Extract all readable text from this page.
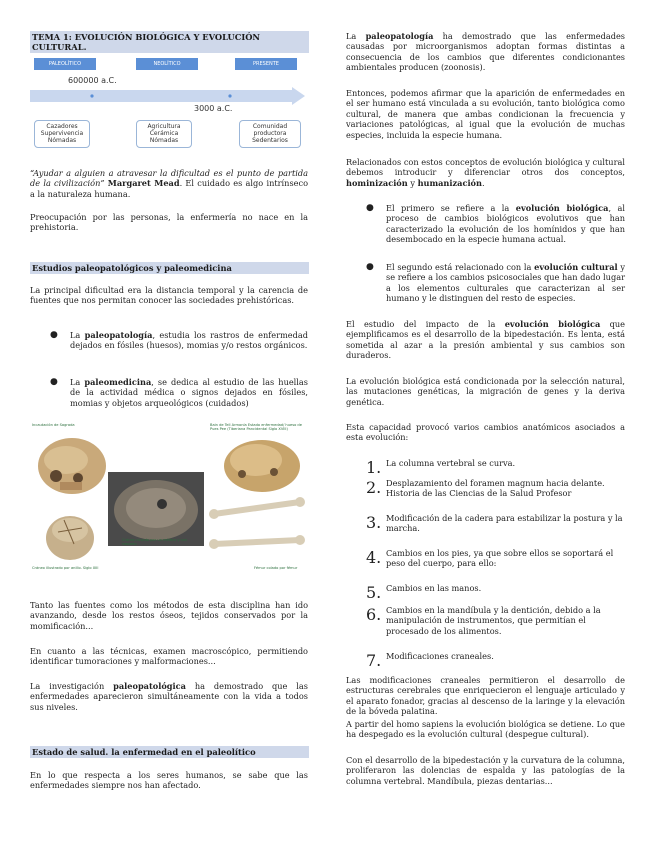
TEMA 1: EVOLUCIÓN BIOLÓGICA Y EVOLUCIÓN CULTURAL.
PALEOLÍTICO	NEOLÍTICO	PRESENTE
600000 a.C.
3000 a.C.
Cazadores
Supervivencia
Nómadas
Agricultura
Cerámica
Nómadas
Comunidad
productora
Sedentarios

“Ayudar a alguien a atravesar la dificultad es el punto de partida de la civilización” Margaret Mead. El cuidado es algo intrínseco a la naturaleza humana.

Preocupación por las personas, la enfermería no nace en la prehistoria.

Estudios paleopatológicos y paleomedicina

La principal dificultad era la distancia temporal y la carencia de fuentes que nos permitan conocer las sociedades prehistóricas.

● La paleopatología, estudia los rastros de enfermedad dejados en fósiles (huesos), momias y/o restos orgánicos.

● La paleomedicina, se dedica al estudio de las huellas de la actividad médica o signos dejados en fósiles, momias y objetos arqueológicos (cuidados)

Incautación de Sagrada	Bain de Tell Armonía Estado enfermedad/ hueso de Pues Pee (Tiberiana Pancidental Siglo XVIII)
Cráneo cuvado por un médico y con raspado
Cráneo illustrado por anillo. Siglo XIII	Fémur colado por fémur

Tanto las fuentes como los métodos de esta disciplina han ido avanzando, desde los restos óseos, tejidos conservados por la momificación...

En cuanto a las técnicas, examen macroscópico, permitiendo identificar tumoraciones y malformaciones...

La investigación paleopatológica ha demostrado que las enfermedades aparecieron simultáneamente con la vida a todos sus niveles.

Estado de salud. la enfermedad en el paleolítico

En lo que respecta a los seres humanos, se sabe que las enfermedades siempre nos han afectado.

La paleopatología ha demostrado que las enfermedades causadas por microorganismos adoptan formas distintas a consecuencia de los cambios que diferentes condicionantes ambientales producen (zoonosis).

Entonces, podemos afirmar que la aparición de enfermedades en el ser humano está vinculada a su evolución, tanto biológica como cultural, de manera que ambas condicionan la frecuencia y variaciones patológicas, al igual que la evolución de muchas especies, incluida la especie humana.

Relacionados con estos conceptos de evolución biológica y cultural debemos introducir y diferenciar otros dos conceptos, hominización y humanización.

● El primero se refiere a la evolución biológica, al proceso de cambios biológicos evolutivos que han caracterizado la evolución de los homínidos y que han desembocado en la especie humana actual.

● El segundo está relacionado con la evolución cultural y se refiere a los cambios psicosociales que han dado lugar a los elementos culturales que caracterizan al ser humano y le distinguen del resto de especies.

El estudio del impacto de la evolución biológica que ejemplificamos es el desarrollo de la bipedestación. Es lenta, está sometida al azar a la presión ambiental y sus cambios son duraderos.

La evolución biológica está condicionada por la selección natural, las mutaciones genéticas, la migración de genes y la deriva genética.

Esta capacidad provocó varios cambios anatómicos asociados a esta evolución:

1. La columna vertebral se curva.

2. Desplazamiento del foramen magnum hacia delante. Historia de las Ciencias de la Salud Profesor

3. Modificación de la cadera para estabilizar la postura y la marcha.

4. Cambios en los pies, ya que sobre ellos se soportará el peso del cuerpo, para ello:

5. Cambios en las manos.

6. Cambios en la mandíbula y la dentición, debido a la manipulación de instrumentos, que permitían el procesado de los alimentos.

7. Modificaciones craneales.

Las modificaciones craneales permitieron el desarrollo de estructuras cerebrales que enriquecieron el lenguaje articulado y el aparato fonador, gracias al descenso de la laringe y la elevación de la bóveda palatina.

A partir del homo sapiens la evolución biológica se detiene. Lo que ha despegado es la evolución cultural (despegue cultural).

Con el desarrollo de la bipedestación y la curvatura de la columna, proliferaron las dolencias de espalda y las patologías de la columna vertebral. Mandíbula, piezas dentarias...
